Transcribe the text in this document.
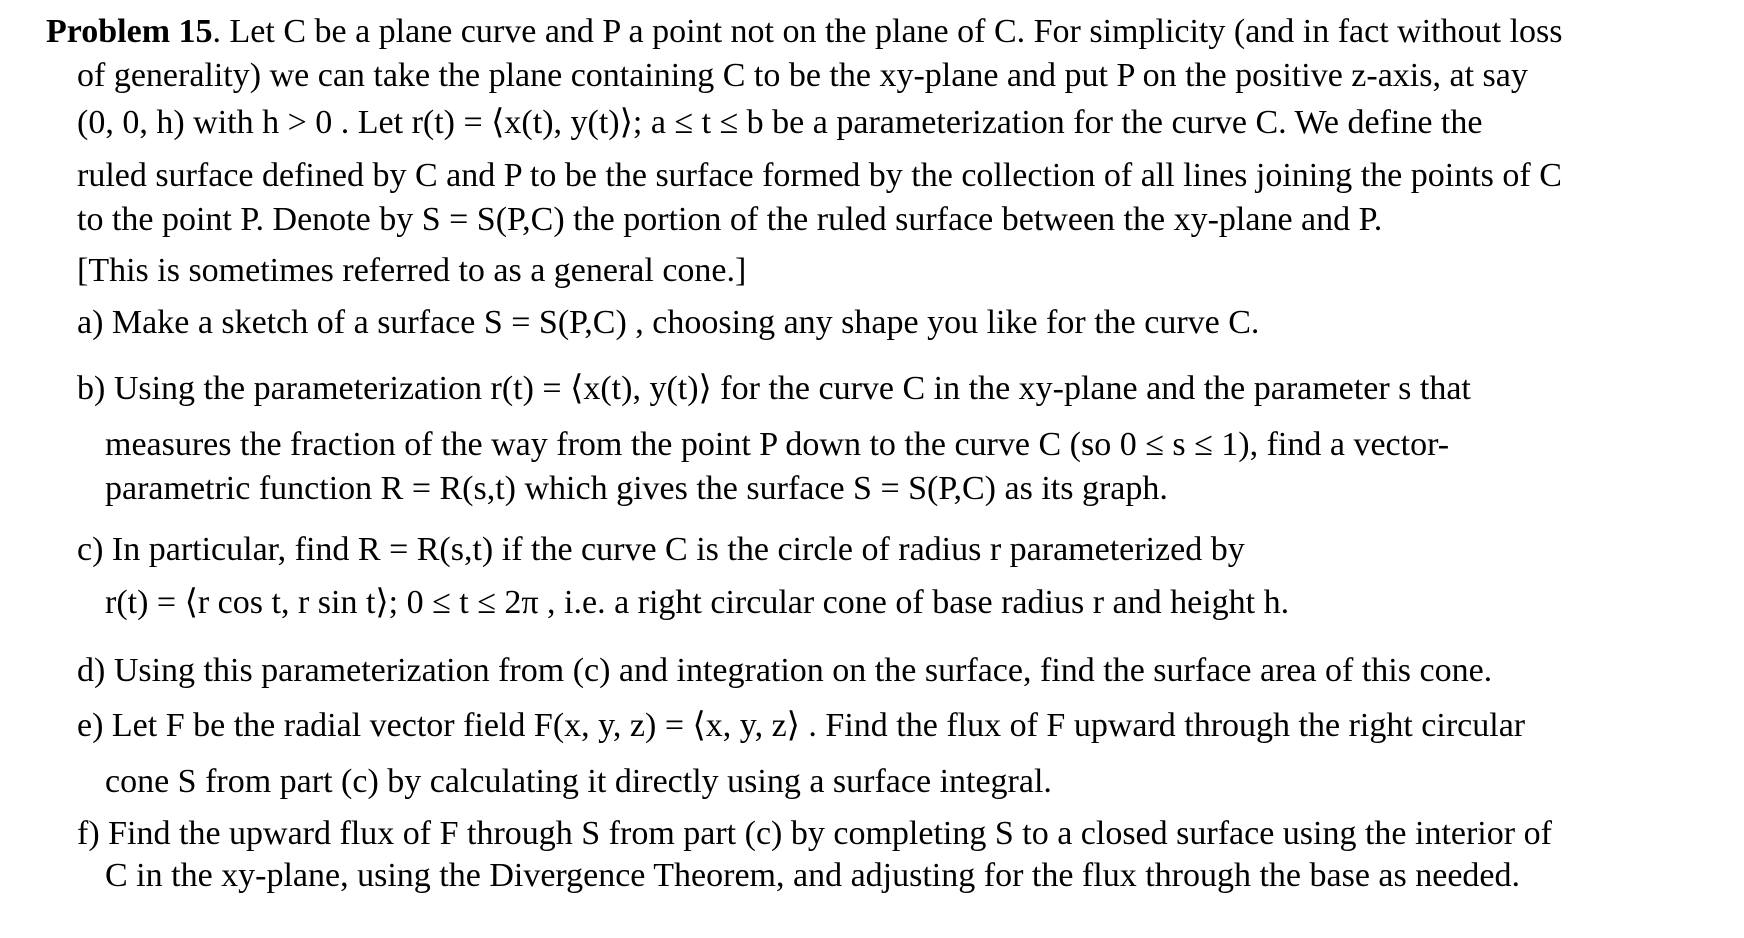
Problem 15. Let C be a plane curve and P a point not on the plane of C. For simplicity (and in fact without loss
of generality) we can take the plane containing C to be the xy-plane and put P on the positive z-axis, at say
(0, 0, h) with h > 0 . Let r(t) = ⟨x(t), y(t)⟩; a ≤ t ≤ b be a parameterization for the curve C. We define the
ruled surface defined by C and P to be the surface formed by the collection of all lines joining the points of C
to the point P. Denote by S = S(P,C) the portion of the ruled surface between the xy-plane and P.
[This is sometimes referred to as a general cone.]
a) Make a sketch of a surface S = S(P,C) , choosing any shape you like for the curve C.
b) Using the parameterization r(t) = ⟨x(t), y(t)⟩ for the curve C in the xy-plane and the parameter s that
measures the fraction of the way from the point P down to the curve C (so 0 ≤ s ≤ 1), find a vector-
parametric function R = R(s,t) which gives the surface S = S(P,C) as its graph.
c) In particular, find R = R(s,t) if the curve C is the circle of radius r parameterized by
r(t) = ⟨r cos t, r sin t⟩; 0 ≤ t ≤ 2π , i.e. a right circular cone of base radius r and height h.
d) Using this parameterization from (c) and integration on the surface, find the surface area of this cone.
e) Let F be the radial vector field F(x, y, z) = ⟨x, y, z⟩ . Find the flux of F upward through the right circular
cone S from part (c) by calculating it directly using a surface integral.
f) Find the upward flux of F through S from part (c) by completing S to a closed surface using the interior of
C in the xy-plane, using the Divergence Theorem, and adjusting for the flux through the base as needed.
